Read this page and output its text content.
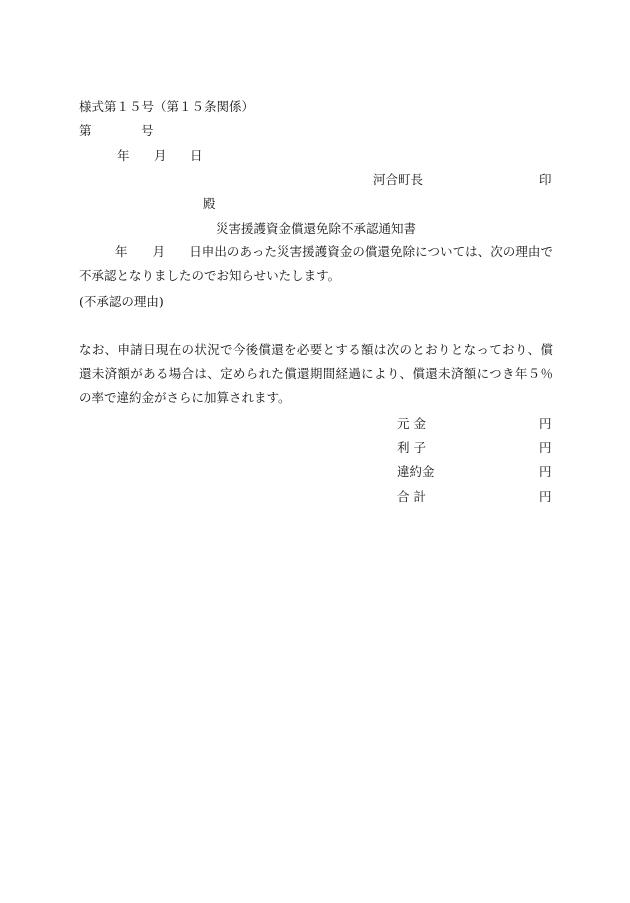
様式第１５号（第１５条関係）
第	号
年 月 日
河合町長	印
殿
災害援護資金償還免除不承認通知書
年 月 日申出のあった災害援護資金の償還免除については、次の理由で不承認となりましたのでお知らせいたします。
(不承認の理由)
なお、申請日現在の状況で今後償還を必要とする額は次のとおりとなっており、償還未済額がある場合は、定められた償還期間経過により、償還未済額につき年５％の率で違約金がさらに加算されます。
元 金	円
利 子	円
違約金	円
合 計	円
